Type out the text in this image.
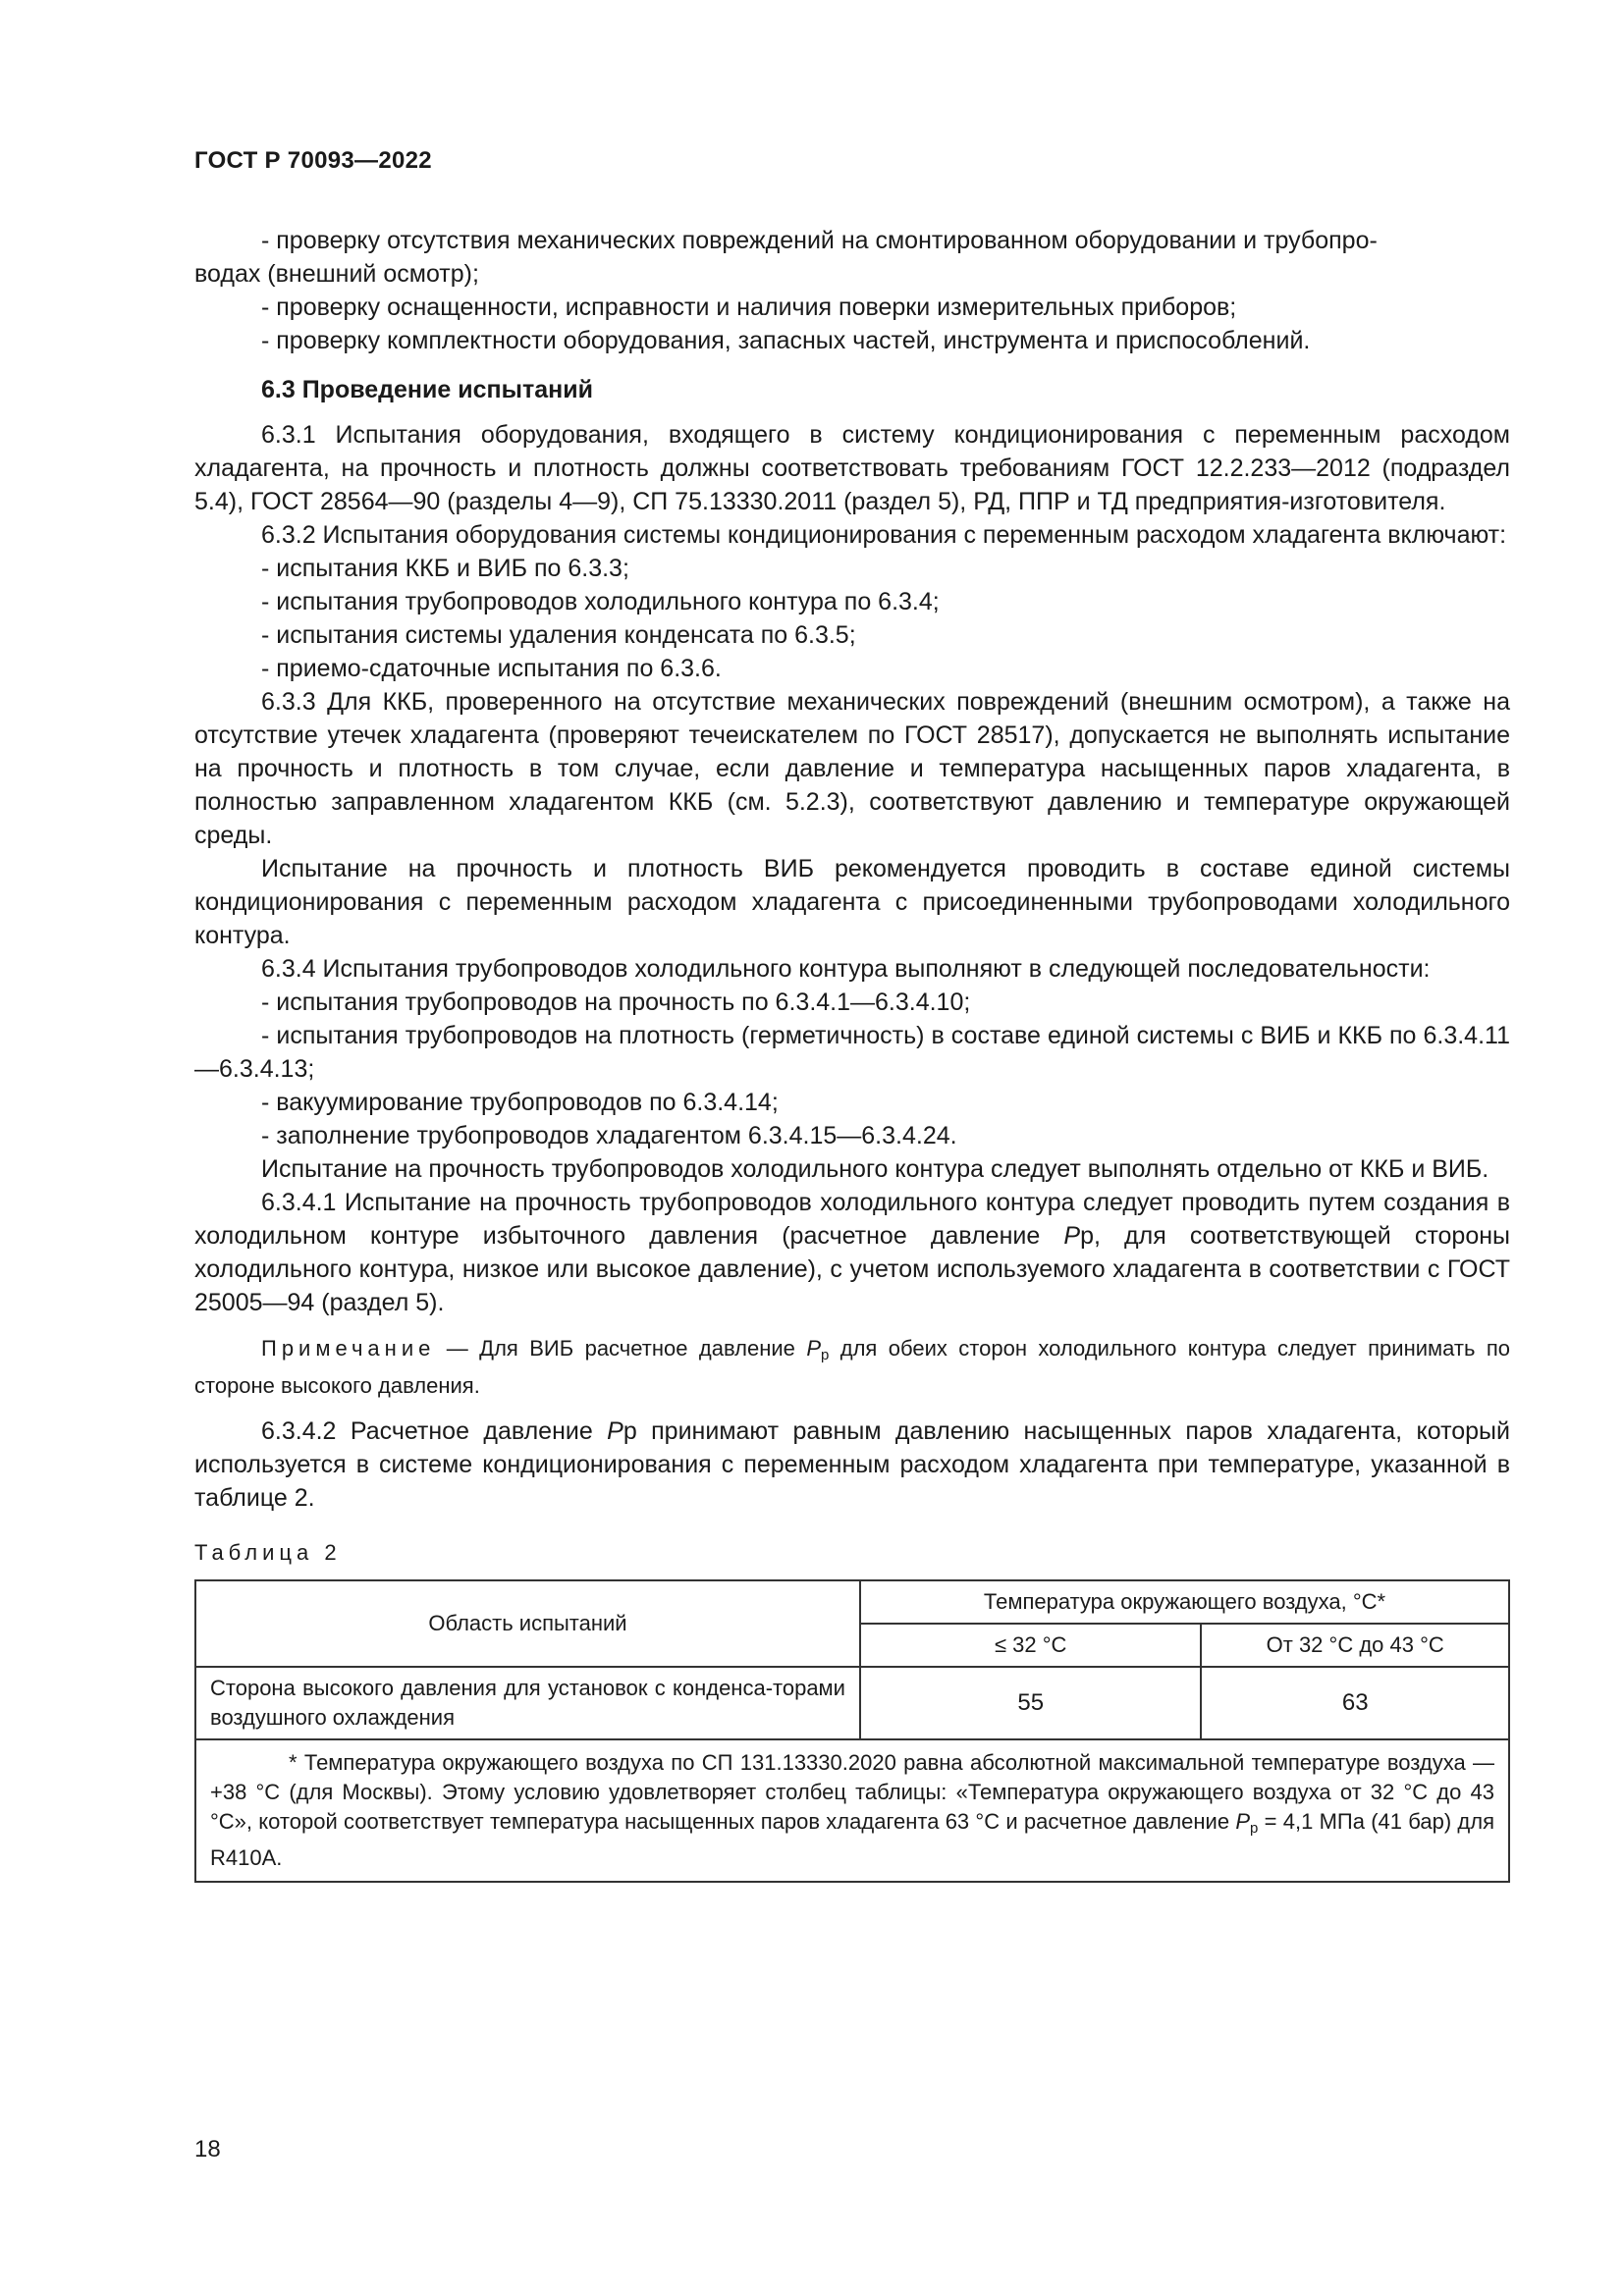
ГОСТ Р 70093—2022

- проверку отсутствия механических повреждений на смонтированном оборудовании и трубопро-

водах (внешний осмотр);

- проверку оснащенности, исправности и наличия поверки измерительных приборов;

- проверку комплектности оборудования, запасных частей, инструмента и приспособлений.

6.3 Проведение испытаний

6.3.1 Испытания оборудования, входящего в систему кондиционирования с переменным расходом хладагента, на прочность и плотность должны соответствовать требованиям ГОСТ 12.2.233—2012 (подраздел 5.4), ГОСТ 28564—90 (разделы 4—9), СП 75.13330.2011 (раздел 5), РД, ППР и ТД предприятия-изготовителя.

6.3.2 Испытания оборудования системы кондиционирования с переменным расходом хладагента включают:

- испытания ККБ и ВИБ по 6.3.3;

- испытания трубопроводов холодильного контура по 6.3.4;

- испытания системы удаления конденсата по 6.3.5;

- приемо-сдаточные испытания по 6.3.6.

6.3.3 Для ККБ, проверенного на отсутствие механических повреждений (внешним осмотром), а также на отсутствие утечек хладагента (проверяют течеискателем по ГОСТ 28517), допускается не выполнять испытание на прочность и плотность в том случае, если давление и температура насыщенных паров хладагента, в полностью заправленном хладагентом ККБ (см. 5.2.3), соответствуют давлению и температуре окружающей среды.

Испытание на прочность и плотность ВИБ рекомендуется проводить в составе единой системы кондиционирования с переменным расходом хладагента с присоединенными трубопроводами холодильного контура.

6.3.4 Испытания трубопроводов холодильного контура выполняют в следующей последовательности:

- испытания трубопроводов на прочность по 6.3.4.1—6.3.4.10;

- испытания трубопроводов на плотность (герметичность) в составе единой системы с ВИБ и ККБ по 6.3.4.11—6.3.4.13;

- вакуумирование трубопроводов по 6.3.4.14;

- заполнение трубопроводов хладагентом 6.3.4.15—6.3.4.24.

Испытание на прочность трубопроводов холодильного контура следует выполнять отдельно от ККБ и ВИБ.

6.3.4.1 Испытание на прочность трубопроводов холодильного контура следует проводить путем создания в холодильном контуре избыточного давления (расчетное давление Pр, для соответствующей стороны холодильного контура, низкое или высокое давление), с учетом используемого хладагента в соответствии с ГОСТ 25005—94 (раздел 5).

Примечание — Для ВИБ расчетное давление $P_р$ для обеих сторон холодильного контура следует принимать по стороне высокого давления.

6.3.4.2 Расчетное давление Pр принимают равным давлению насыщенных паров хладагента, который используется в системе кондиционирования с переменным расходом хладагента при температуре, указанной в таблице 2.

Таблица 2

Область испытаний	Температура окружающего воздуха, °С*	
	≤ 32 °С	От 32 °С до 43 °С
Сторона высокого давления для установок с конденса-торами воздушного охлаждения	55	63
* Температура окружающего воздуха по СП 131.13330.2020 равна абсолютной максимальной температуре воздуха — +38 °С (для Москвы). Этому условию удовлетворяет столбец таблицы: «Температура окружающего воздуха от 32 °С до 43 °С», которой соответствует температура насыщенных паров хладагента 63 °С и расчетное давление $P_р = 4,1$ МПа (41 бар) для R410A.		
18
